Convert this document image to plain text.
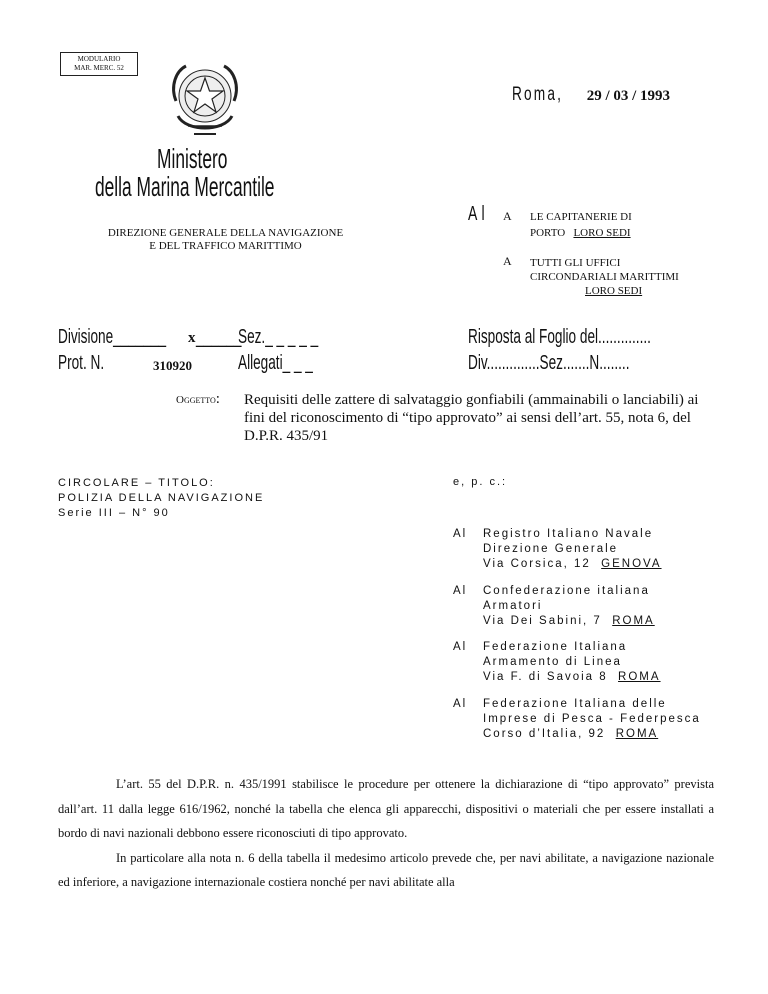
MODULARIO
MAR. MERC. 52
Roma, 29 / 03 / 1993
Ministero
della Marina Mercantile
DIREZIONE GENERALE DELLA NAVIGAZIONE
E DEL TRAFFICO MARITTIMO
Al A LE CAPITANERIE DI
PORTO LORO SEDI
A TUTTI GLI UFFICI
CIRCONDARIALI MARITTIMI
LORO SEDI
Divisione_______ x ______
Sez._ _ _ _ _
Prot. N.	310920 Allegati_ _ _
Risposta al Foglio del..............
Div..............Sez.......N........
Oggetto: Requisiti delle zattere di salvataggio gonfiabili (ammainabili o lanciabili) ai fini del riconoscimento di “tipo approvato” ai sensi dell’art. 55, nota 6, del D.P.R. 435/91
CIRCOLARE – TITOLO:
POLIZIA DELLA NAVIGAZIONE
Serie III – N° 90
e, p. c.:
Al Registro Italiano Navale
Direzione Generale
Via Corsica, 12 GENOVA
Al Confederazione italiana
Armatori
Via Dei Sabini, 7 ROMA
Al Federazione Italiana
Armamento di Linea
Via F. di Savoia 8 ROMA
Al Federazione Italiana delle
Imprese di Pesca - Federpesca
Corso d’Italia, 92 ROMA

L’art. 55 del D.P.R. n. 435/1991 stabilisce le procedure per ottenere la dichiarazione di “tipo approvato” prevista dall’art. 11 dalla legge 616/1962, nonché la tabella che elenca gli apparecchi, dispositivi o materiali che per essere installati a bordo di navi nazionali debbono essere riconosciuti di tipo approvato.

In particolare alla nota n. 6 della tabella il medesimo articolo prevede che, per navi abilitate, a navigazione nazionale ed inferiore, a navigazione internazionale costiera nonché per navi abilitate alla
